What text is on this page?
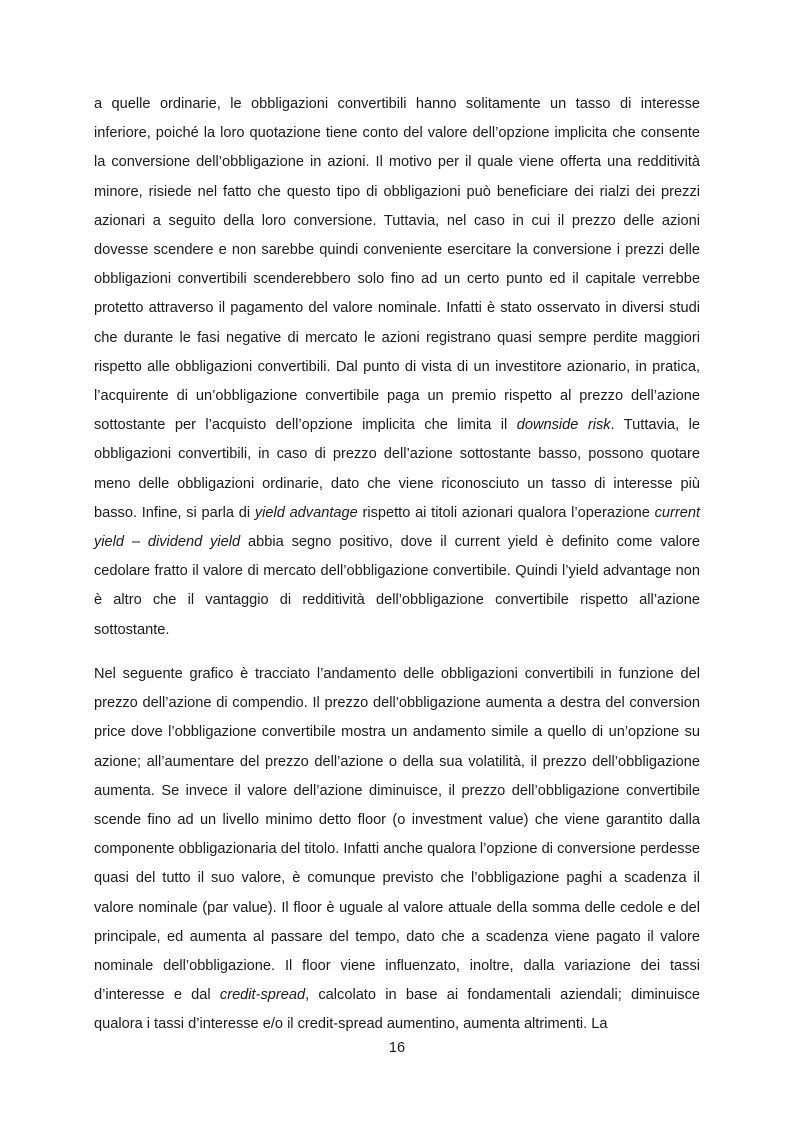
a quelle ordinarie, le obbligazioni convertibili hanno solitamente un tasso di interesse inferiore, poiché la loro quotazione tiene conto del valore dell’opzione implicita che consente la conversione dell’obbligazione in azioni. Il motivo per il quale viene offerta una redditività minore, risiede nel fatto che questo tipo di obbligazioni può beneficiare dei rialzi dei prezzi azionari a seguito della loro conversione. Tuttavia, nel caso in cui il prezzo delle azioni dovesse scendere e non sarebbe quindi conveniente esercitare la conversione i prezzi delle obbligazioni convertibili scenderebbero solo fino ad un certo punto ed il capitale verrebbe protetto attraverso il pagamento del valore nominale. Infatti è stato osservato in diversi studi che durante le fasi negative di mercato le azioni registrano quasi sempre perdite maggiori rispetto alle obbligazioni convertibili. Dal punto di vista di un investitore azionario, in pratica, l’acquirente di un’obbligazione convertibile paga un premio rispetto al prezzo dell’azione sottostante per l’acquisto dell’opzione implicita che limita il downside risk. Tuttavia, le obbligazioni convertibili, in caso di prezzo dell’azione sottostante basso, possono quotare meno delle obbligazioni ordinarie, dato che viene riconosciuto un tasso di interesse più basso. Infine, si parla di yield advantage rispetto ai titoli azionari qualora l’operazione current yield – dividend yield abbia segno positivo, dove il current yield è definito come valore cedolare fratto il valore di mercato dell’obbligazione convertibile. Quindi l’yield advantage non è altro che il vantaggio di redditività dell’obbligazione convertibile rispetto all’azione sottostante.
Nel seguente grafico è tracciato l’andamento delle obbligazioni convertibili in funzione del prezzo dell’azione di compendio. Il prezzo dell’obbligazione aumenta a destra del conversion price dove l’obbligazione convertibile mostra un andamento simile a quello di un’opzione su azione; all’aumentare del prezzo dell’azione o della sua volatilità, il prezzo dell’obbligazione aumenta. Se invece il valore dell’azione diminuisce, il prezzo dell’obbligazione convertibile scende fino ad un livello minimo detto floor (o investment value) che viene garantito dalla componente obbligazionaria del titolo. Infatti anche qualora l’opzione di conversione perdesse quasi del tutto il suo valore, è comunque previsto che l’obbligazione paghi a scadenza il valore nominale (par value). Il floor è uguale al valore attuale della somma delle cedole e del principale, ed aumenta al passare del tempo, dato che a scadenza viene pagato il valore nominale dell’obbligazione. Il floor viene influenzato, inoltre, dalla variazione dei tassi d’interesse e dal credit-spread, calcolato in base ai fondamentali aziendali; diminuisce qualora i tassi d’interesse e/o il credit-spread aumentino, aumenta altrimenti. La
16
